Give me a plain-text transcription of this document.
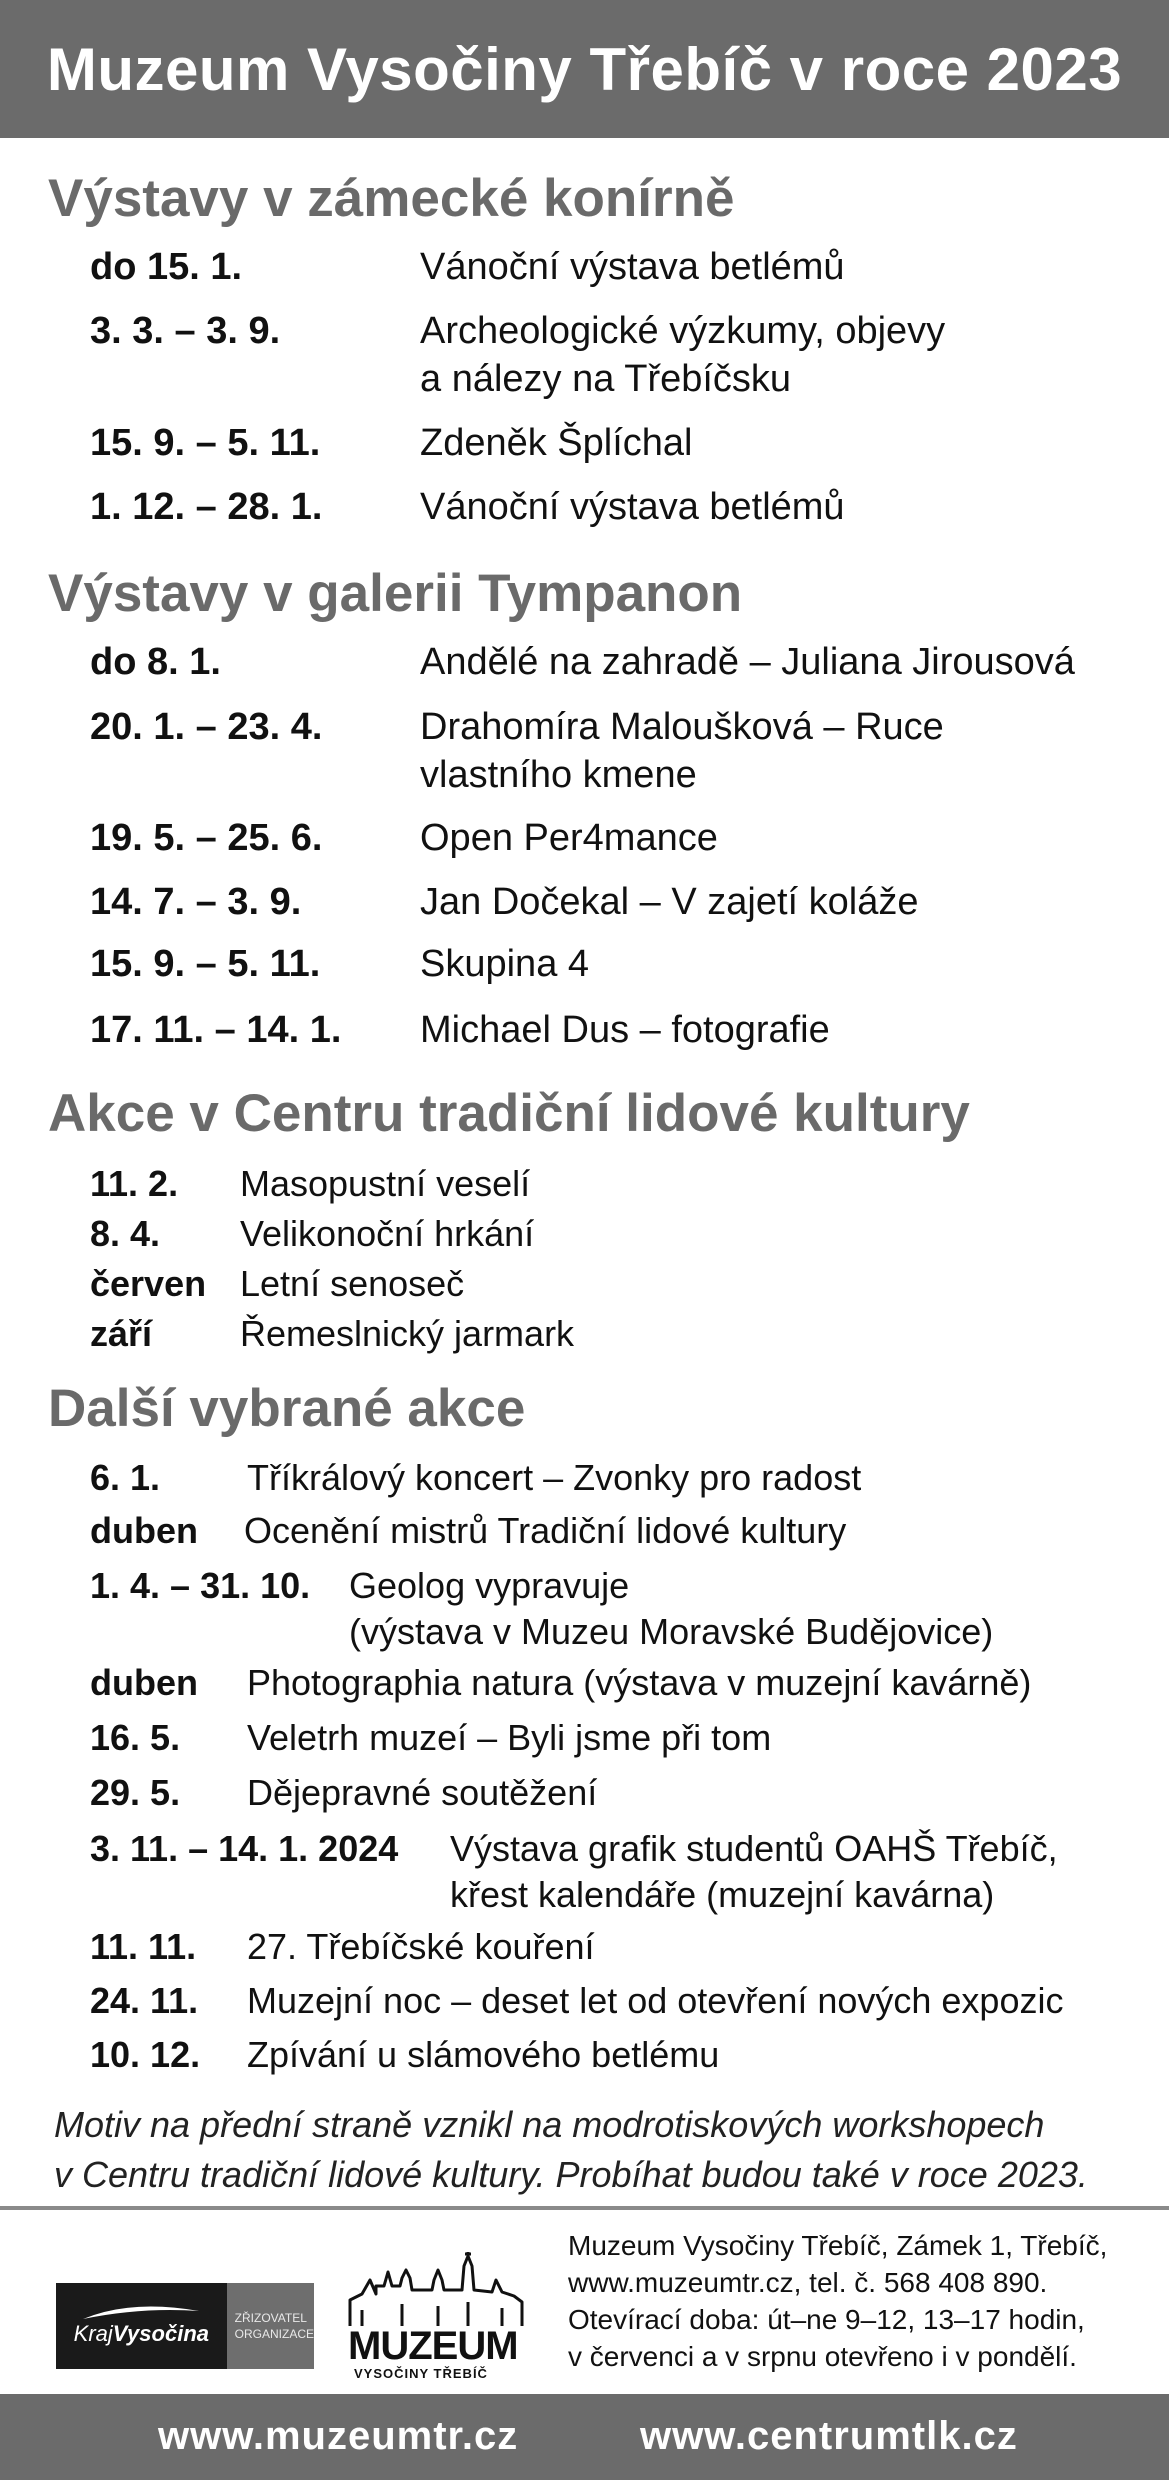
Muzeum Vysočiny Třebíč v roce 2023
Výstavy v zámecké konírně
do 15. 1.	Vánoční výstava betlémů
3. 3. – 3. 9.	Archeologické výzkumy, objevy
a nálezy na Třebíčsku
15. 9. – 5. 11.	Zdeněk Šplíchal
1. 12. – 28. 1.	Vánoční výstava betlémů
Výstavy v galerii Tympanon
do 8. 1.	Andělé na zahradě – Juliana Jirousová
20. 1. – 23. 4.	Drahomíra Maloušková – Ruce
vlastního kmene
19. 5. – 25. 6.	Open Per4mance
14. 7. – 3. 9.	Jan Dočekal – V zajetí koláže
15. 9. – 5. 11.	Skupina 4
17. 11. – 14. 1. Michael Dus – fotografie
Akce v Centru tradiční lidové kultury
11. 2. Masopustní veselí
8. 4. Velikonoční hrkání
červen Letní senoseč
září Řemeslnický jarmark
Další vybrané akce
6. 1. Tříkrálový koncert – Zvonky pro radost
duben Ocenění mistrů Tradiční lidové kultury
1. 4. – 31. 10. Geolog vypravuje
(výstava v Muzeu Moravské Budějovice)
duben Photographia natura (výstava v muzejní kavárně)
16. 5. Veletrh muzeí – Byli jsme při tom
29. 5. Dějepravné soutěžení
3. 11. – 14. 1. 2024 Výstava grafik studentů OAHŠ Třebíč,
křest kalendáře (muzejní kavárna)
11. 11. 27. Třebíčské kouření
24. 11. Muzejní noc – deset let od otevření nových expozic
10. 12. Zpívání u slámového betlému

Motiv na přední straně vznikl na modrotiskových workshopech
v Centru tradiční lidové kultury. Probíhat budou také v roce 2023.

KrajVysočina
ZŘIZOVATEL
ORGANIZACE MUZEUM
VYSOČINY TŘEBÍČ
Muzeum Vysočiny Třebíč, Zámek 1, Třebíč,
www.muzeumtr.cz, tel. č. 568 408 890.
Otevírací doba: út–ne 9–12, 13–17 hodin,
v červenci a v srpnu otevřeno i v pondělí.
www.muzeumtr.cz	www.centrumtlk.cz
